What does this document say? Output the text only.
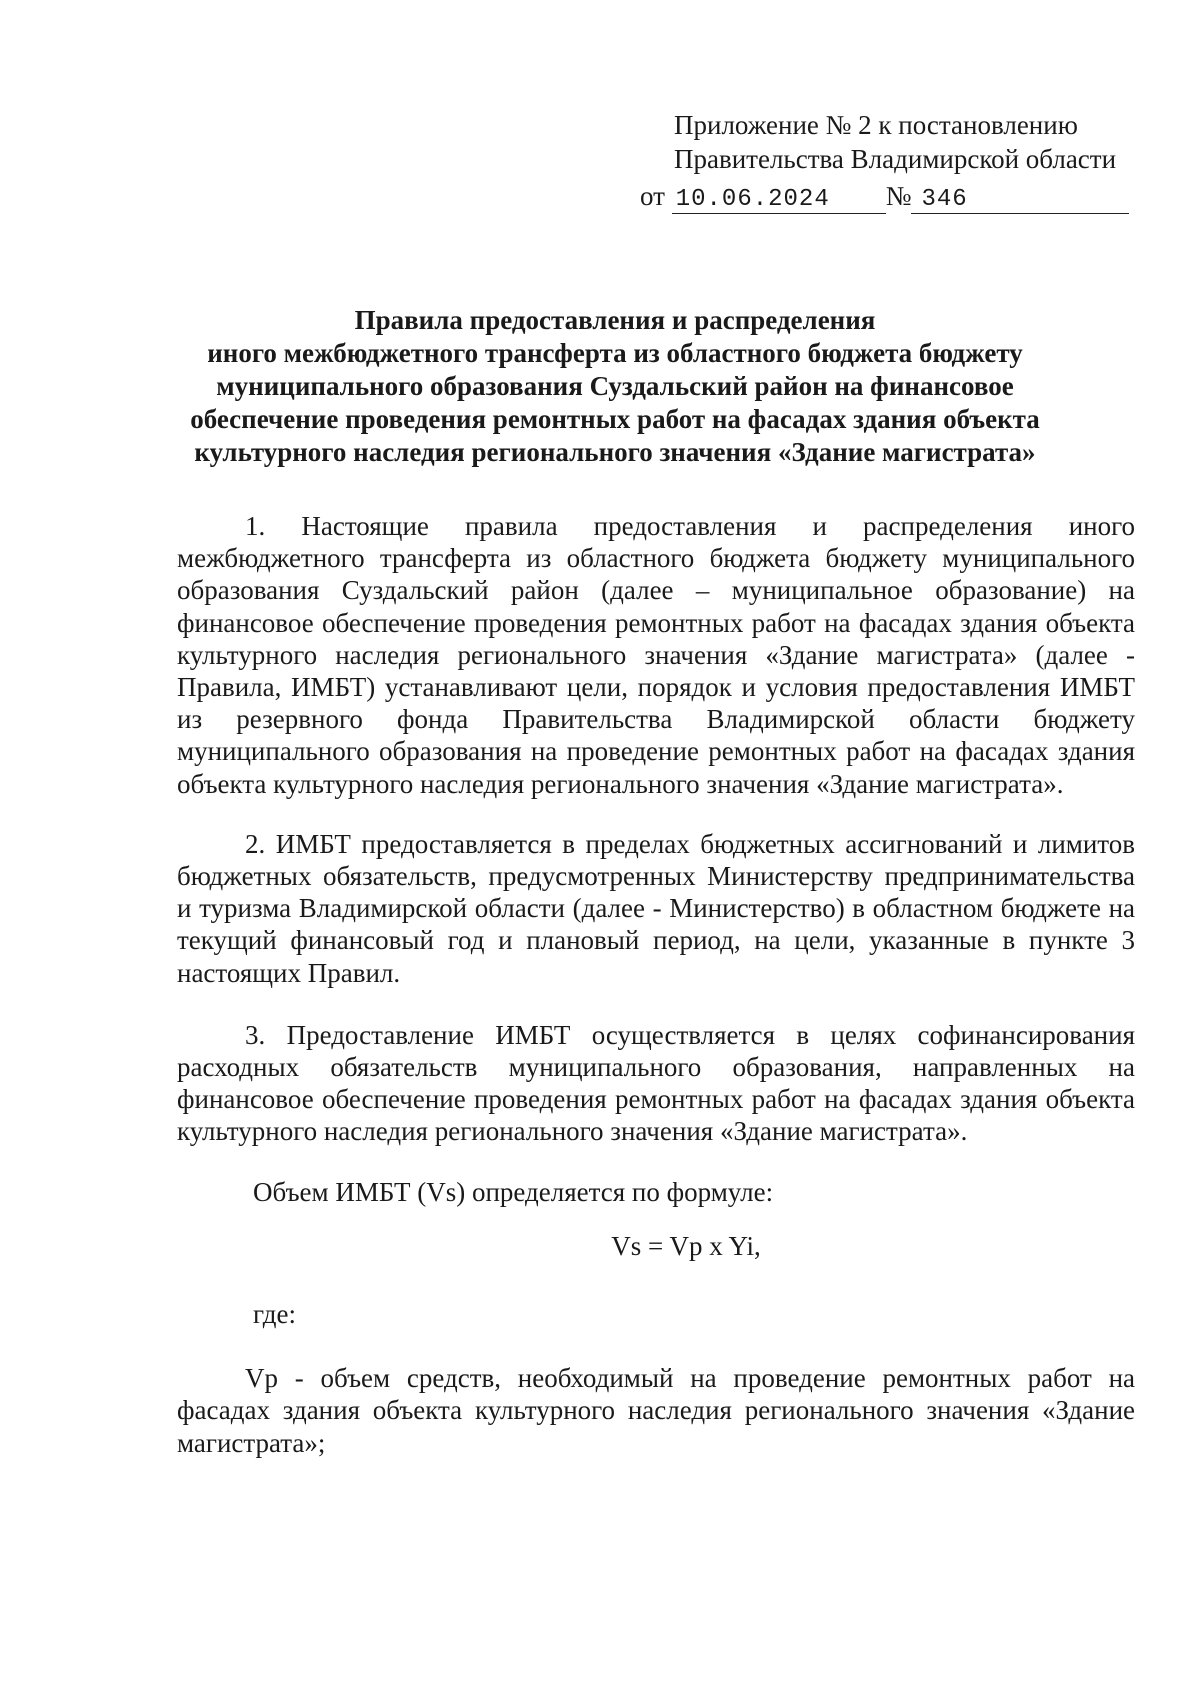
Приложение № 2 к постановлению
Правительства Владимирской области
от 10.06.2024 № 346
Правила предоставления и распределения
иного межбюджетного трансферта из областного бюджета бюджету
муниципального образования Суздальский район на финансовое
обеспечение проведения ремонтных работ на фасадах здания объекта
культурного наследия регионального значения «Здание магистрата»

1. Настоящие правила предоставления и распределения иного межбюджетного трансферта из областного бюджета бюджету муниципального образования Суздальский район (далее – муниципальное образование) на финансовое обеспечение проведения ремонтных работ на фасадах здания объекта культурного наследия регионального значения «Здание магистрата» (далее - Правила, ИМБТ) устанавливают цели, порядок и условия предоставления ИМБТ из резервного фонда Правительства Владимирской области бюджету муниципального образования на проведение ремонтных работ на фасадах здания объекта культурного наследия регионального значения «Здание магистрата».

2. ИМБТ предоставляется в пределах бюджетных ассигнований и лимитов бюджетных обязательств, предусмотренных Министерству предпринимательства и туризма Владимирской области (далее - Министерство) в областном бюджете на текущий финансовый год и плановый период, на цели, указанные в пункте 3 настоящих Правил.

3. Предоставление ИМБТ осуществляется в целях софинансирования расходных обязательств муниципального образования, направленных на финансовое обеспечение проведения ремонтных работ на фасадах здания объекта культурного наследия регионального значения «Здание магистрата».

Объем ИМБТ (Vs) определяется по формуле:

Vs = Vp x Yi,
где:

Vp - объем средств, необходимый на проведение ремонтных работ на фасадах здания объекта культурного наследия регионального значения «Здание магистрата»;
